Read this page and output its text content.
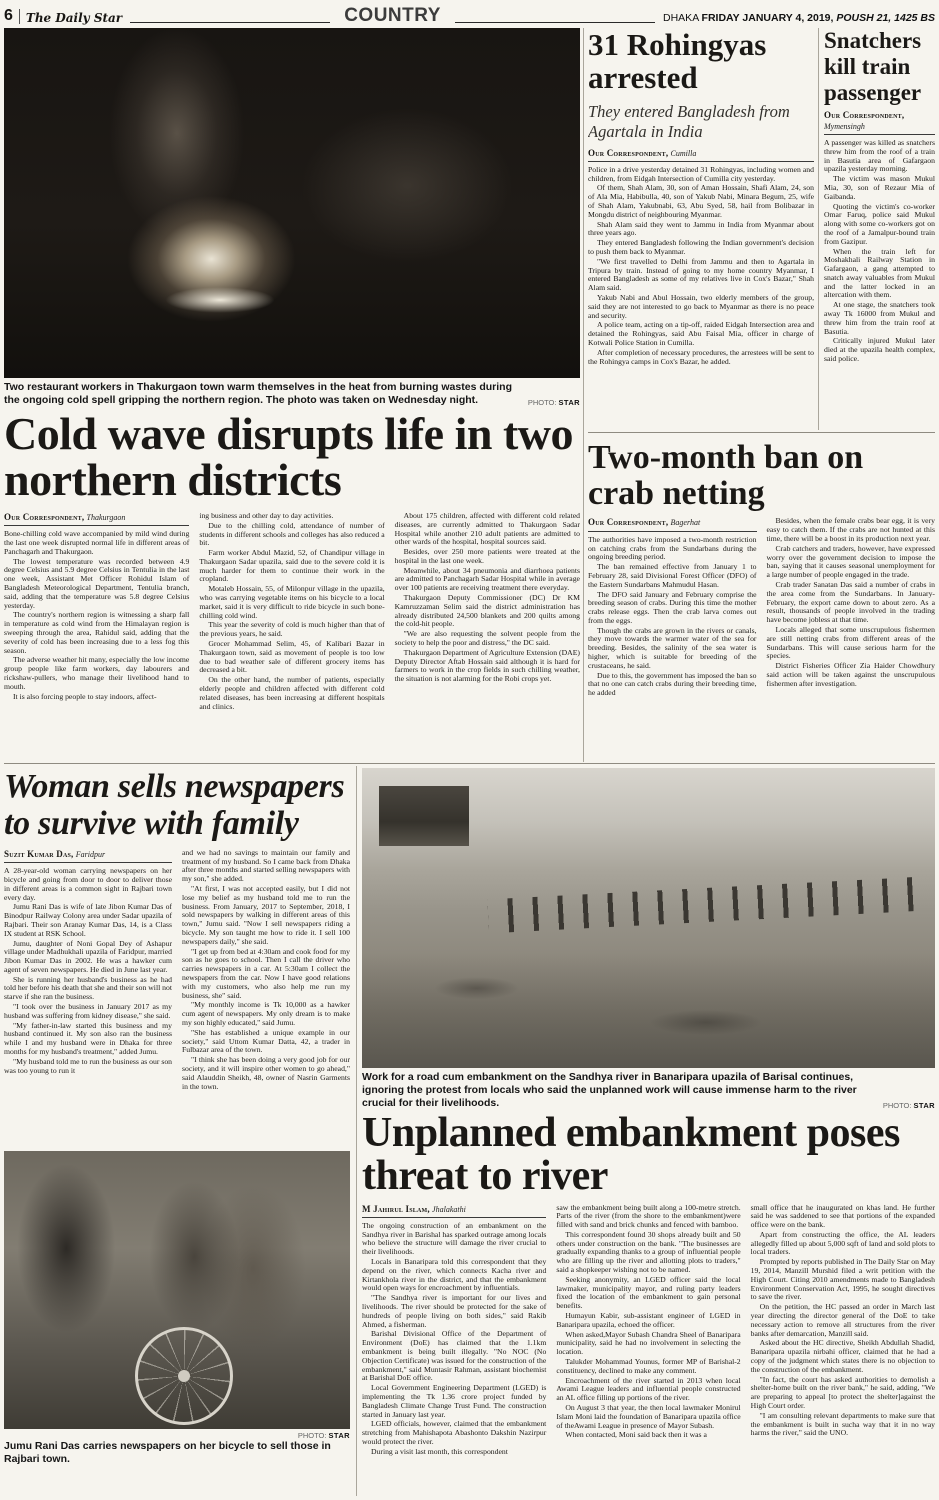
6 The Daily Star	COUNTRY	DHAKA FRIDAY JANUARY 4, 2019, POUSH 21, 1425 BS
Two restaurant workers in Thakurgaon town warm themselves in the heat from burning wastes during the ongoing cold spell gripping the northern region. The photo was taken on Wednesday night.	PHOTO: STAR
Cold wave disrupts life in two northern districts
Our Correspondent, Thakurgaon

Bone-chilling cold wave accompanied by mild wind during the last one week disrupted normal life in different areas of Panchagarh and Thakurgaon.

The lowest temperature was recorded between 4.9 degree Celsius and 5.9 degree Celsius in Tentulia in the last one week, Assistant Met Officer Rohidul Islam of Bangladesh Meteorological Department, Tentulia branch, said, adding that the temperature was 5.8 degree Celsius yesterday.

The country's northern region is witnessing a sharp fall in temperature as cold wind from the Himalayan region is sweeping through the area, Rahidul said, adding that the severity of cold has been increasing due to a less fog this season.

The adverse weather hit many, especially the low income group people like farm workers, day labourers and rickshaw-pullers, who manage their livelihood hand to mouth.

It is also forcing people to stay indoors, affect-

ing business and other day to day activities.

Due to the chilling cold, attendance of number of students in different schools and colleges has also reduced a bit.

Farm worker Abdul Mazid, 52, of Chandipur village in Thakurgaon Sadar upazila, said due to the severe cold it is much harder for them to continue their work in the cropland.

Motaleb Hossain, 55, of Milonpur village in the upazila, who was carrying vegetable items on his bicycle to a local market, said it is very difficult to ride bicycle in such bone-chilling cold wind.

This year the severity of cold is much higher than that of the previous years, he said.

Grocer Mohammad Selim, 45, of Kalibari Bazar in Thakurgaon town, said as movement of people is too low due to bad weather sale of different grocery items has decreased a bit.

On the other hand, the number of patients, especially elderly people and children affected with different cold related diseases, has been increasing at different hospitals and clinics.

About 175 children, affected with different cold related diseases, are currently admitted to Thakurgaon Sadar Hospital while another 210 adult patients are admitted to other wards of the hospital, hospital sources said.

Besides, over 250 more patients were treated at the hospital in the last one week.

Meanwhile, about 34 pneumonia and diarrhoea patients are admitted to Panchagarh Sadar Hospital while in average over 100 patients are receiving treatment there everyday.

Thakurgaon Deputy Commissioner (DC) Dr KM Kamruzzaman Selim said the district administration has already distributed 24,500 blankets and 200 quilts among the cold-hit people.

"We are also requesting the solvent people from the society to help the poor and distress," the DC said.

Thakurgaon Department of Agriculture Extension (DAE) Deputy Director Aftab Hossain said although it is hard for farmers to work in the crop fields in such chilling weather, the situation is not alarming for the Robi crops yet.

31 Rohingyas arrested
They entered Bangladesh from Agartala in India
Our Correspondent, Cumilla

Police in a drive yesterday detained 31 Rohingyas, including women and children, from Eidgah Intersection of Cumilla city yesterday.

Of them, Shah Alam, 30, son of Aman Hossain, Shafi Alam, 24, son of Ala Mia, Habibulla, 40, son of Yakub Nabi, Minara Begum, 25, wife of Shah Alam, Yakubnabi, 63, Abu Syed, 58, hail from Bolibazar in Mongdu district of neighbouring Myanmar.

Shah Alam said they went to Jammu in India from Myanmar about three years ago.

They entered Bangladesh following the Indian government's decision to push them back to Myanmar.

"We first travelled to Delhi from Jammu and then to Agartala in Tripura by train. Instead of going to my home country Myanmar, I entered Bangladesh as some of my relatives live in Cox's Bazar," Shah Alam said.

Yakub Nabi and Abul Hossain, two elderly members of the group, said they are not interested to go back to Myanmar as there is no peace and security.

A police team, acting on a tip-off, raided Eidgah Intersection area and detained the Rohingyas, said Abu Faisal Mia, officer in charge of Kotwali Police Station in Cumilla.

After completion of necessary procedures, the arrestees will be sent to the Rohingya camps in Cox's Bazar, he added.

Snatchers kill train passenger
Our Correspondent,
Mymensingh

A passenger was killed as snatchers threw him from the roof of a train in Basutia area of Gafargaon upazila yesterday morning.

The victim was mason Mukul Mia, 30, son of Rezaur Mia of Gaibanda.

Quoting the victim's co-worker Omar Faruq, police said Mukul along with some co-workers got on the roof of a Jamalpur-bound train from Gazipur.

When the train left for Moshakhali Railway Station in Gafargaon, a gang attempted to snatch away valuables from Mukul and the latter locked in an altercation with them.

At one stage, the snatchers took away Tk 16000 from Mukul and threw him from the train roof at Basutia.

Critically injured Mukul later died at the upazila health complex, said police.

Two-month ban on crab netting
Our Correspondent, Bagerhat

The authorities have imposed a two-month restriction on catching crabs from the Sundarbans during the ongoing breeding period.

The ban remained effective from January 1 to February 28, said Divisional Forest Officer (DFO) of the Eastern Sundarbans Mahmudul Hasan.

The DFO said January and February comprise the breeding season of crabs. During this time the mother crabs release eggs. Then the crab larva comes out from the eggs.

Though the crabs are grown in the rivers or canals, they move towards the warmer water of the sea for breeding. Besides, the salinity of the sea water is higher, which is suitable for breeding of the crustaceans, he said.

Due to this, the government has imposed the ban so that no one can catch crabs during their breeding time, he added

Besides, when the female crabs bear egg, it is very easy to catch them. If the crabs are not hunted at this time, there will be a boost in its production next year.

Crab catchers and traders, however, have expressed worry over the government decision to impose the ban, saying that it causes seasonal unemployment for a large number of people engaged in the trade.

Crab trader Sanatan Das said a number of crabs in the area come from the Sundarbans. In January-February, the export came down to about zero. As a result, thousands of people involved in the trading have become jobless at that time.

Locals alleged that some unscrupulous fishermen are still netting crabs from different areas of the Sundarbans. This will cause serious harm for the species.

District Fisheries Officer Zia Haider Chowdhury said action will be taken against the unscrupulous fishermen after investigation.

Woman sells newspapers to survive with family
Suzit Kumar Das, Faridpur

A 28-year-old woman carrying newspapers on her bicycle and going from door to door to deliver those in different areas is a common sight in Rajbari town every day.

Jumu Rani Das is wife of late Jibon Kumar Das of Binodpur Railway Colony area under Sadar upazila of Rajbari. Their son Aranay Kumar Das, 14, is a Class IX student at RSK School.

Jumu, daughter of Noni Gopal Dey of Ashapur village under Madhukhali upazila of Faridpur, married Jibon Kumar Das in 2002. He was a hawker cum agent of seven newspapers. He died in June last year.

She is running her husband's business as he had told her before his death that she and their son will not starve if she ran the business.

"I took over the business in January 2017 as my husband was suffering from kidney disease," she said.

"My father-in-law started this business and my husband continued it. My son also ran the business while I and my husband were in Dhaka for three months for my husband's treatment," added Jumu.

"My husband told me to run the business as our son was too young to run it

and we had no savings to maintain our family and treatment of my husband. So I came back from Dhaka after three months and started selling newspapers with my son," she added.

"At first, I was not accepted easily, but I did not lose my belief as my husband told me to run the business. From January, 2017 to September, 2018, I sold newspapers by walking in different areas of this town," Jumu said. "Now I sell newspapers riding a bicycle. My son taught me how to ride it. I sell 100 newspapers daily," she said.

"I get up from bed at 4:30am and cook food for my son as he goes to school. Then I call the driver who carries newspapers in a car. At 5:30am I collect the newspapers from the car. Now I have good relations with my customers, who also help me run my business, she" said.

"My monthly income is Tk 10,000 as a hawker cum agent of newspapers. My only dream is to make my son highly educated," said Jumu.

"She has established a unique example in our society," said Uttom Kumar Datta, 42, a trader in Fulbazar area of the town.

"I think she has been doing a very good job for our society, and it will inspire other women to go ahead," said Alauddin Sheikh, 48, owner of Nasrin Garments in the town.

PHOTO: STAR
Jumu Rani Das carries newspapers on her bicycle to sell those in Rajbari town.
Work for a road cum embankment on the Sandhya river in Banaripara upazila of Barisal continues, ignoring the protest from locals who said the unplanned work will cause immense harm to the river crucial for their livelihoods.	PHOTO: STAR
Unplanned embankment poses
threat to river
M Jahirul Islam, Jhalakathi

The ongoing construction of an embankment on the Sandhya river in Barishal has sparked outrage among locals who believe the structure will damage the river crucial to their livelihoods.

Locals in Banaripara told this correspondent that they depend on the river, which connects Kacha river and Kirtankhola river in the district, and that the embankment would open ways for encroachment by influentials.

"The Sandhya river is important for our lives and livelihoods. The river should be protected for the sake of hundreds of people living on both sides," said Rakib Ahmed, a fisherman.

Barishal Divisional Office of the Department of Environment (DoE) has claimed that the 1.1km embankment is being built illegally. "No NOC (No Objection Certificate) was issued for the construction of the embankment," said Muntasir Rahman, assistant biochemist at Barishal DoE office.

Local Government Engineering Department (LGED) is implementing the Tk 1.36 crore project funded by Bangladesh Climate Change Trust Fund. The construction started in January last year.

LGED officials, however, claimed that the embankment stretching from Mahishapota Abashonto Dakshin Nazirpur would protect the river.

During a visit last month, this correspondent

saw the embankment being built along a 100-metre stretch. Parts of the river (from the shore to the embankment)were filled with sand and brick chunks and fenced with bamboo.

This correspondent found 30 shops already built and 50 others under construction on the bank. "The businesses are gradually expanding thanks to a group of influential people who are filling up the river and allotting plots to traders," said a shopkeeper wishing not to be named.

Seeking anonymity, an LGED officer said the local lawmaker, municipality mayor, and ruling party leaders fixed the location of the embankment to gain personal benefits.

Humayun Kabir, sub-assistant engineer of LGED in Banaripara upazila, echoed the officer.

When asked,Mayor Subash Chandra Sheel of Banaripara municipality, said he had no involvement in selecting the location.

Talukder Mohammad Younus, former MP of Barishal-2 constituency, declined to make any comment.

Encroachment of the river started in 2013 when local Awami League leaders and influential people constructed an AL office filling up portions of the river.

On August 3 that year, the then local lawmaker Monirul Islam Moni laid the foundation of Banaripara upazila office of theAwami League in presence of Mayor Subash.

When contacted, Moni said back then it was a

small office that he inaugurated on khas land. He further said he was saddened to see that portions of the expanded office were on the bank.

Apart from constructing the office, the AL leaders allegedly filled up about 5,000 sqft of land and sold plots to local traders.

Prompted by reports published in The Daily Star on May 19, 2014, Manzill Murshid filed a writ petition with the High Court. Citing 2010 amendments made to Bangladesh Environment Conservation Act, 1995, he sought directives to save the river.

On the petition, the HC passed an order in March last year directing the director general of the DoE to take necessary action to remove all structures from the river banks after demarcation, Manzill said.

Asked about the HC directive, Sheikh Abdullah Shadid, Banaripara upazila nirbahi officer, claimed that he had a copy of the judgment which states there is no objection to the construction of the embankment.

"In fact, the court has asked authorities to demolish a shelter-home built on the river bank," he said, adding, "We are preparing to appeal [to protect the shelter]against the High Court order.

"I am consulting relevant departments to make sure that the embankment is built in sucha way that it in no way harms the river," said the UNO.
